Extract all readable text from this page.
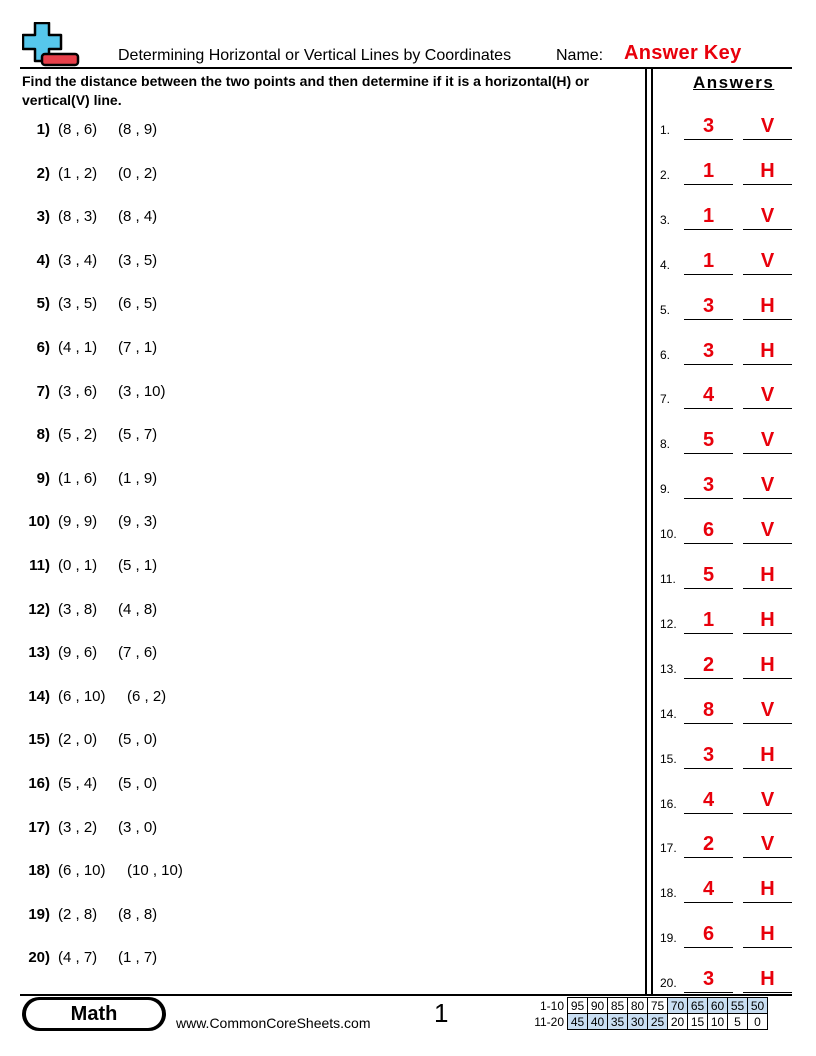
Determining Horizontal or Vertical Lines by Coordinates	Name: Answer Key
Find the distance between the two points and then determine if it is a horizontal(H) or vertical(V) line.
Answers
1) (8 , 6) (8 , 9)
2) (1 , 2) (0 , 2)
3) (8 , 3) (8 , 4)
4) (3 , 4) (3 , 5)
5) (3 , 5) (6 , 5)
6) (4 , 1) (7 , 1)
7) (3 , 6) (3 , 10)
8) (5 , 2) (5 , 7)
9) (1 , 6) (1 , 9)
10) (9 , 9) (9 , 3)
11) (0 , 1) (5 , 1)
12) (3 , 8) (4 , 8)
13) (9 , 6) (7 , 6)
14) (6 , 10) (6 , 2)
15) (2 , 0) (5 , 0)
16) (5 , 4) (5 , 0)
17) (3 , 2) (3 , 0)
18) (6 , 10) (10 , 10)
19) (2 , 8) (8 , 8)
20) (4 , 7) (1 , 7)
1.	3	V
2.	1	H
3.	1	V
4.	1	V
5.	3	H
6.	3	H
7.	4	V
8.	5	V
9.	3	V
10.	6	V
11.	5	H
12.	1	H
13.	2	H
14.	8	V
15.	3	H
16.	4	V
17.	2	V
18.	4	H
19.	6	H
20.	3	H
Math	www.CommonCoreSheets.com 1	1-10	95	90	85	80	75	70	65	60	55	50
11-20	45	40	35	30	25	20	15	10	5	0
